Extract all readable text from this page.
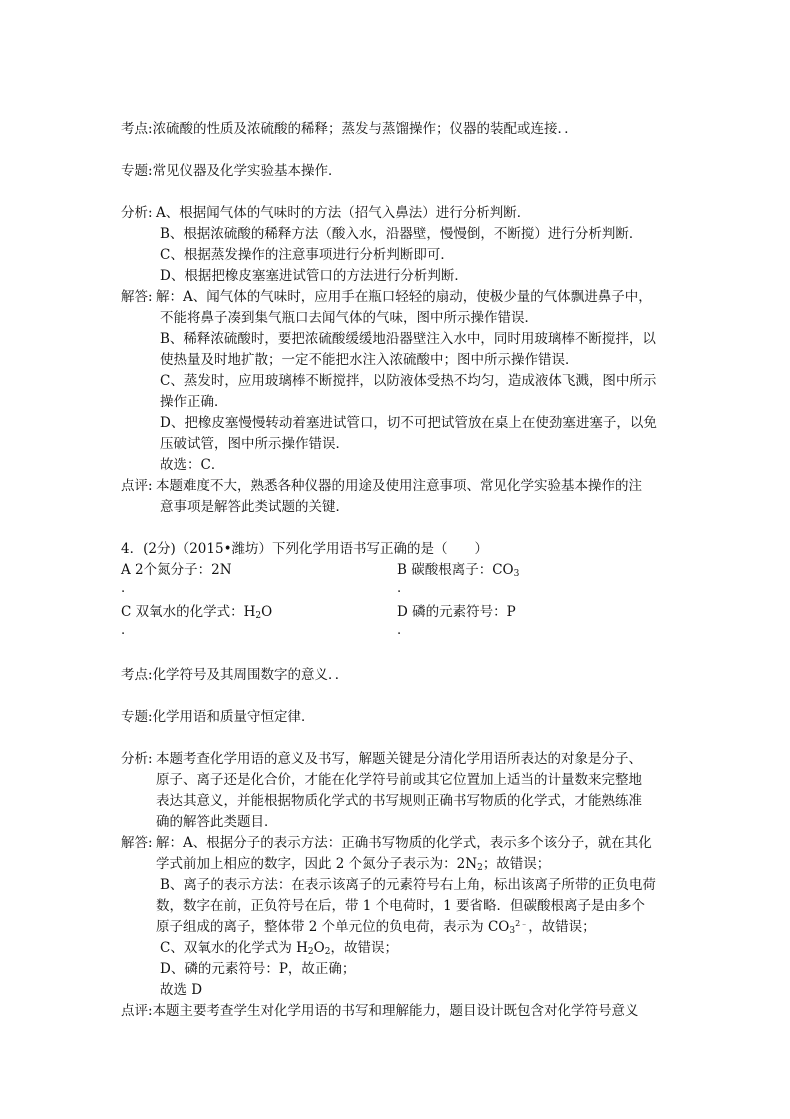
考点:浓硫酸的性质及浓硫酸的稀释；蒸发与蒸馏操作；仪器的装配或连接．．
专题:常见仪器及化学实验基本操作．
分析: A、根据闻气体的气味时的方法（招气入鼻法）进行分析判断．
B、根据浓硫酸的稀释方法（酸入水，沿器壁，慢慢倒，不断搅）进行分析判断．
C、根据蒸发操作的注意事项进行分析判断即可．
D、根据把橡皮塞塞进试管口的方法进行分析判断．
解答: 解：A、闻气体的气味时，应用手在瓶口轻轻的扇动，使极少量的气体飘进鼻子中，
不能将鼻子凑到集气瓶口去闻气体的气味，图中所示操作错误．
B、稀释浓硫酸时，要把浓硫酸缓缓地沿器壁注入水中，同时用玻璃棒不断搅拌，以
使热量及时地扩散；一定不能把水注入浓硫酸中；图中所示操作错误．
C、蒸发时，应用玻璃棒不断搅拌，以防液体受热不均匀，造成液体飞溅，图中所示
操作正确．
D、把橡皮塞慢慢转动着塞进试管口，切不可把试管放在桌上在使劲塞进塞子，以免
压破试管，图中所示操作错误．
故选：C．
点评: 本题难度不大，熟悉各种仪器的用途及使用注意事项、常见化学实验基本操作的注
意事项是解答此类试题的关键．
4．(2分)（2015•潍坊）下列化学用语书写正确的是（　　）
A 2个氮分子：2N
.
B 碳酸根离子：$CO_3$
.
C 双氧水的化学式：$H_2O$
.
D 磷的元素符号：P
.
考点:化学符号及其周围数字的意义．．
专题:化学用语和质量守恒定律．
分析: 本题考查化学用语的意义及书写，解题关键是分清化学用语所表达的对象是分子、
原子、离子还是化合价，才能在化学符号前或其它位置加上适当的计量数来完整地
表达其意义，并能根据物质化学式的书写规则正确书写物质的化学式，才能熟练准
确的解答此类题目．
解答: 解：A、根据分子的表示方法：正确书写物质的化学式，表示多个该分子，就在其化
学式前加上相应的数字，因此 2 个氮分子表示为：$2N_2$；故错误；
B、离子的表示方法：在表示该离子的元素符号右上角，标出该离子所带的正负电荷
数，数字在前，正负符号在后，带 1 个电荷时，1 要省略．但碳酸根离子是由多个
原子组成的离子，整体带 2 个单元位的负电荷，表示为 $CO_3^{2﹣}$，故错误；
C、双氧水的化学式为 $H_2O_2$，故错误；
D、磷的元素符号：P，故正确；
故选 D
点评:本题主要考查学生对化学用语的书写和理解能力，题目设计既包含对化学符号意义
